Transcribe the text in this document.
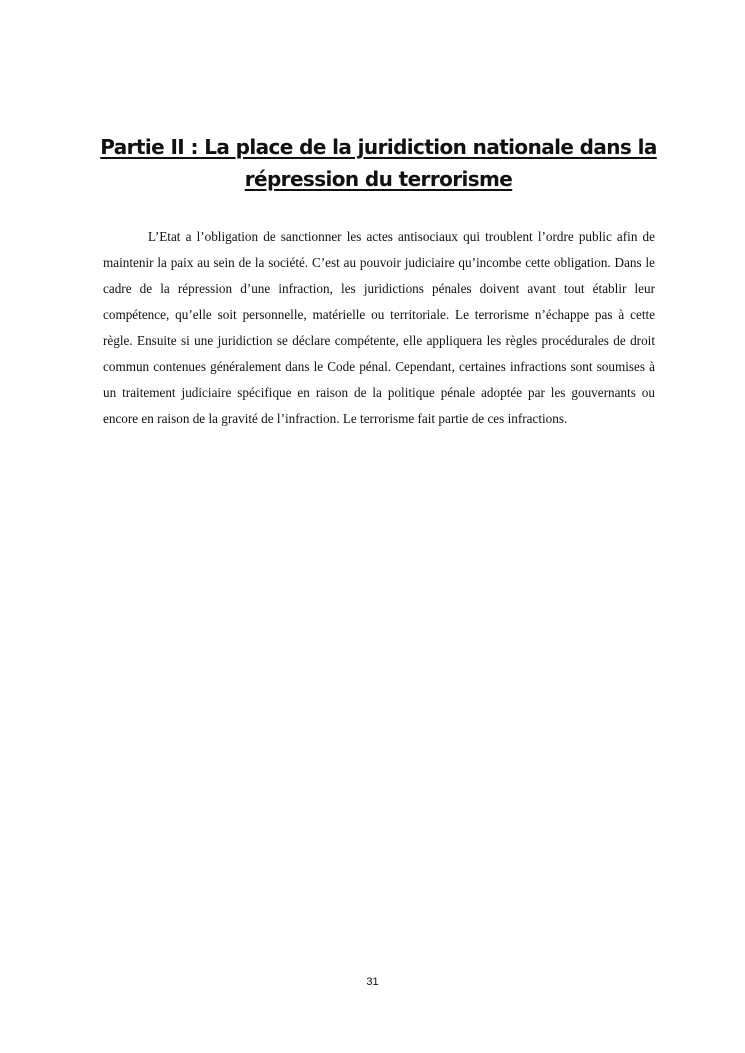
Partie II : La place de la juridiction nationale dans la
répression du terrorisme

L’Etat a l’obligation de sanctionner les actes antisociaux qui troublent l’ordre public afin de maintenir la paix au sein de la société. C’est au pouvoir judiciaire qu’incombe cette obligation. Dans le cadre de la répression d’une infraction, les juridictions pénales doivent avant tout établir leur compétence, qu’elle soit personnelle, matérielle ou territoriale. Le terrorisme n’échappe pas à cette règle. Ensuite si une juridiction se déclare compétente, elle appliquera les règles procédurales de droit commun contenues généralement dans le Code pénal. Cependant, certaines infractions sont soumises à un traitement judiciaire spécifique en raison de la politique pénale adoptée par les gouvernants ou encore en raison de la gravité de l’infraction. Le terrorisme fait partie de ces infractions.

31
